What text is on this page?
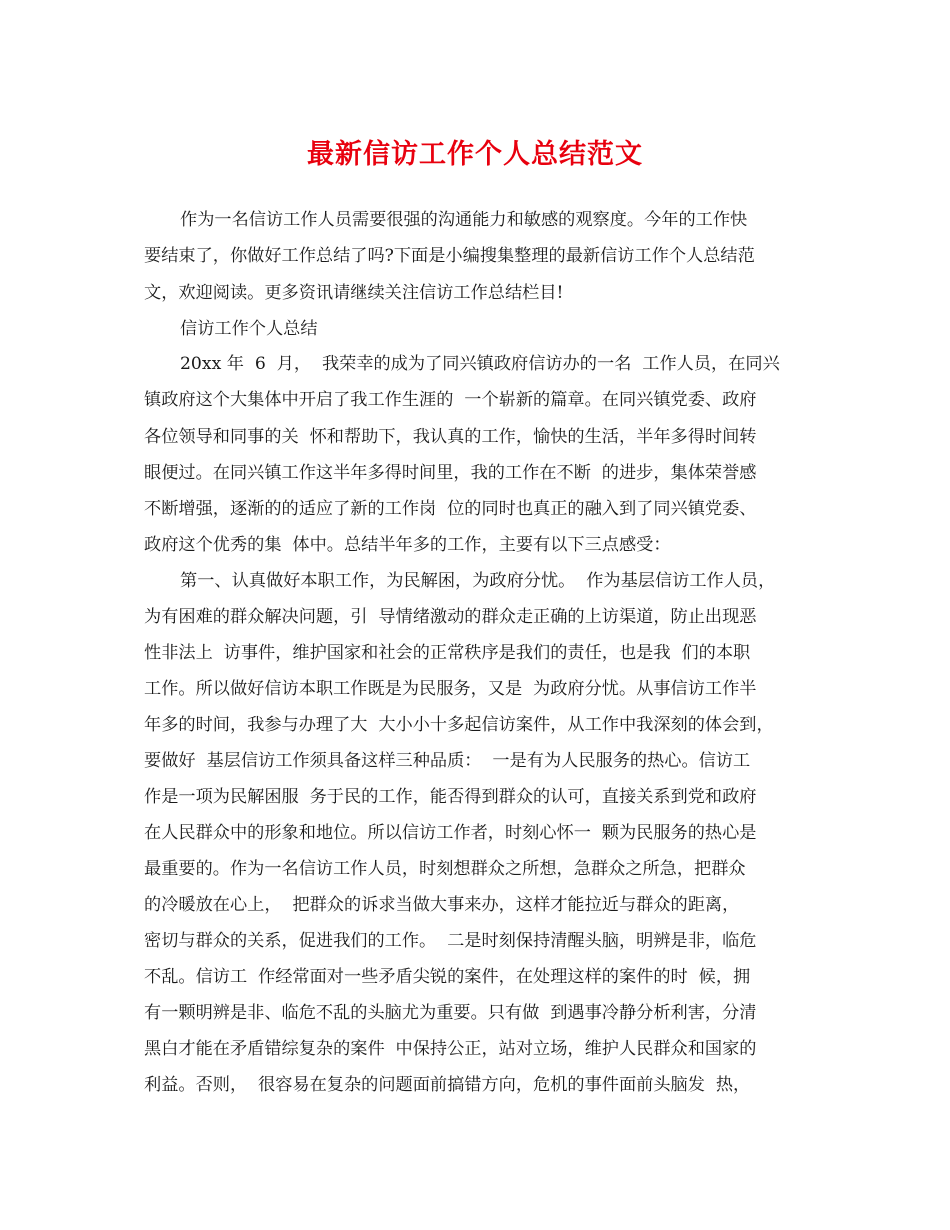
最新信访工作个人总结范文
作为一名信访工作人员需要很强的沟通能力和敏感的观察度。今年的工作快
要结束了，你做好工作总结了吗?下面是小编搜集整理的最新信访工作个人总结范
文，欢迎阅读。更多资讯请继续关注信访工作总结栏目!
信访工作个人总结
20xx 年  6  月，  我荣幸的成为了同兴镇政府信访办的一名  工作人员，在同兴
镇政府这个大集体中开启了我工作生涯的  一个崭新的篇章。在同兴镇党委、政府
各位领导和同事的关  怀和帮助下，我认真的工作，愉快的生活，半年多得时间转
眼便过。在同兴镇工作这半年多得时间里，我的工作在不断  的进步，集体荣誉感
不断增强，逐渐的的适应了新的工作岗  位的同时也真正的融入到了同兴镇党委、
政府这个优秀的集  体中。总结半年多的工作，主要有以下三点感受：
第一、认真做好本职工作，为民解困，为政府分忧。  作为基层信访工作人员，
为有困难的群众解决问题，引  导情绪激动的群众走正确的上访渠道，防止出现恶
性非法上  访事件，维护国家和社会的正常秩序是我们的责任，也是我  们的本职
工作。所以做好信访本职工作既是为民服务，又是  为政府分忧。从事信访工作半
年多的时间，我参与办理了大  大小小十多起信访案件，从工作中我深刻的体会到，
要做好  基层信访工作须具备这样三种品质：  一是有为人民服务的热心。信访工
作是一项为民解困服  务于民的工作，能否得到群众的认可，直接关系到党和政府
在人民群众中的形象和地位。所以信访工作者，时刻心怀一  颗为民服务的热心是
最重要的。作为一名信访工作人员，时刻想群众之所想，急群众之所急，把群众
的冷暖放在心上，  把群众的诉求当做大事来办，这样才能拉近与群众的距离，
密切与群众的关系，促进我们的工作。  二是时刻保持清醒头脑，明辨是非，临危
不乱。信访工  作经常面对一些矛盾尖锐的案件，在处理这样的案件的时  候，拥
有一颗明辨是非、临危不乱的头脑尤为重要。只有做  到遇事冷静分析利害，分清
黑白才能在矛盾错综复杂的案件  中保持公正，站对立场，维护人民群众和国家的
利益。否则，  很容易在复杂的问题面前搞错方向，危机的事件面前头脑发  热，
